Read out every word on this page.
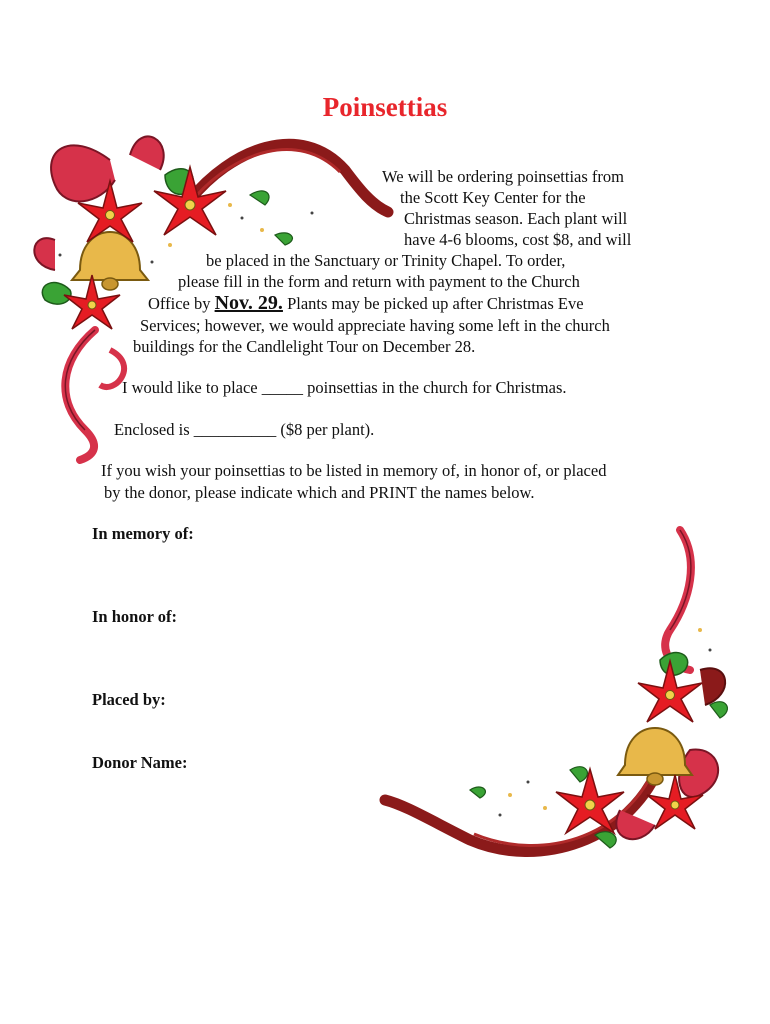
Poinsettias
We will be ordering poinsettias from
the Scott Key Center for the
Christmas season. Each plant will
have 4-6 blooms, cost $8, and will
be placed in the Sanctuary or Trinity Chapel. To order,
please fill in the form and return with payment to the Church
Office by Nov. 29. Plants may be picked up after Christmas Eve
Services; however, we would appreciate having some left in the church
buildings for the Candlelight Tour on December 28.
I would like to place _____ poinsettias in the church for Christmas.
Enclosed is __________ ($8 per plant).
If you wish your poinsettias to be listed in memory of, in honor of, or placed
by the donor, please indicate which and PRINT the names below.
In memory of:
In honor of:
Placed by:
Donor Name:
